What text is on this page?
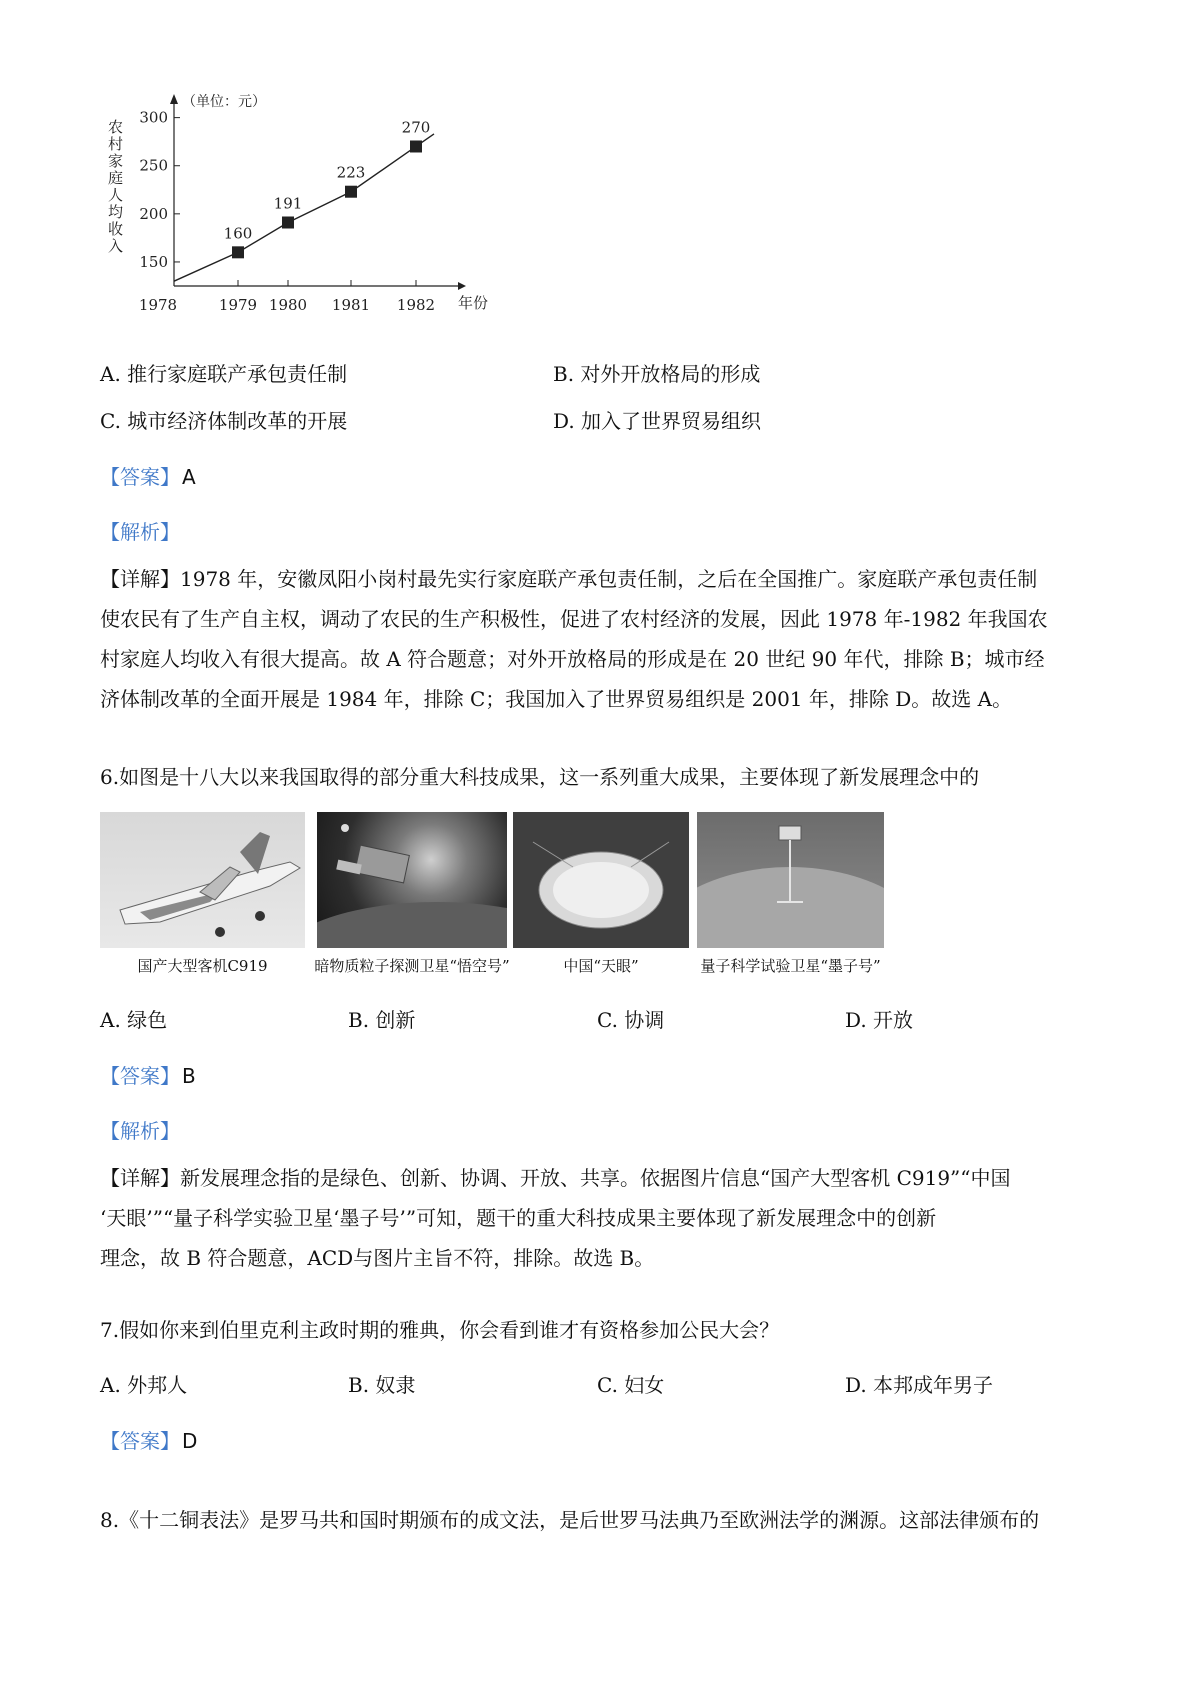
（单位：元）
农
村
家
庭
人
均
收
入
300
250
200
150
1978	1979 1980 1981 1982 年份
160
191
223
270
A. 推行家庭联产承包责任制	B. 对外开放格局的形成
C. 城市经济体制改革的开展	D. 加入了世界贸易组织
【答案】 A
【解析】
【详解】1978 年，安徽凤阳小岗村最先实行家庭联产承包责任制，之后在全国推广。家庭联产承包责任制
使农民有了生产自主权，调动了农民的生产积极性，促进了农村经济的发展，因此 1978 年-1982 年我国农
村家庭人均收入有很大提高。故 A 符合题意；对外开放格局的形成是在 20 世纪 90 年代，排除 B；城市经
济体制改革的全面开展是 1984 年，排除 C；我国加入了世界贸易组织是 2001 年，排除 D。故选 A。
6.如图是十八大以来我国取得的部分重大科技成果，这一系列重大成果，主要体现了新发展理念中的
国产大型客机C919	暗物质粒子探测卫星“悟空号”	中国“天眼”	量子科学试验卫星“墨子号”
A. 绿色	B. 创新	C. 协调	D. 开放
【答案】 B
【解析】
【详解】新发展理念指的是绿色、创新、协调、开放、共享。依据图片信息“国产大型客机 C919”“中国
‘天眼’”“量子科学实验卫星‘墨子号’”可知，题干的重大科技成果主要体现了新发展理念中的创新
理念，故 B 符合题意，ACD与图片主旨不符，排除。故选 B。
7.假如你来到伯里克利主政时期的雅典，你会看到谁才有资格参加公民大会？
A. 外邦人	B. 奴隶	C. 妇女	D. 本邦成年男子
【答案】 D
8.《十二铜表法》是罗马共和国时期颁布的成文法，是后世罗马法典乃至欧洲法学的渊源。这部法律颁布的
